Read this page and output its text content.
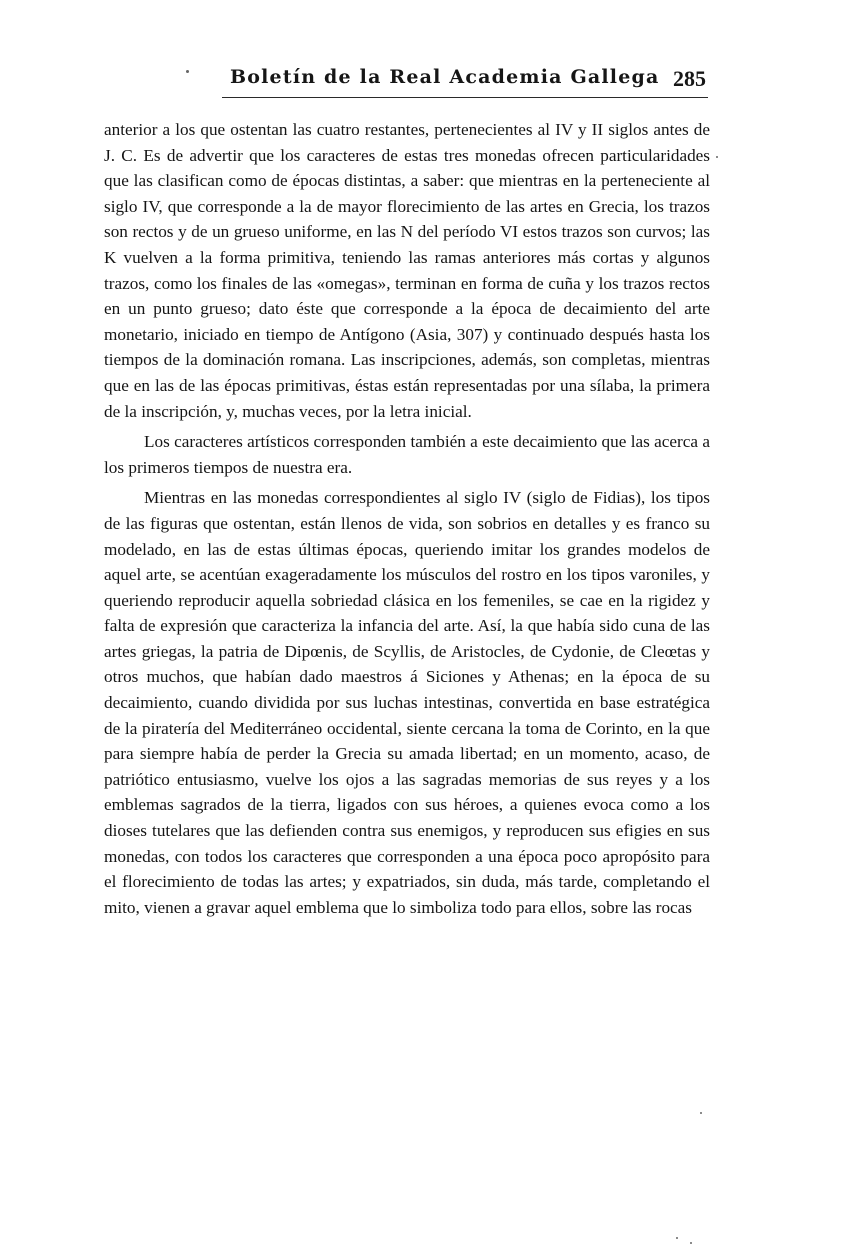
Boletín de la Real Academia Gallega 285

anterior a los que ostentan las cuatro restantes, pertenecientes al IV y II siglos antes de J. C. Es de advertir que los caracteres de estas tres monedas ofrecen particularidades que las clasifican como de épocas distintas, a saber: que mientras en la perteneciente al siglo IV, que corresponde a la de mayor florecimiento de las artes en Grecia, los trazos son rectos y de un grueso uniforme, en las N del período VI estos trazos son curvos; las K vuelven a la forma primitiva, teniendo las ramas anteriores más cortas y algunos trazos, como los finales de las «omegas», terminan en forma de cuña y los trazos rectos en un punto grueso; dato éste que corresponde a la época de decaimiento del arte monetario, iniciado en tiempo de Antígono (Asia, 307) y continuado después hasta los tiempos de la dominación romana. Las inscripciones, además, son completas, mientras que en las de las épocas primitivas, éstas están representadas por una sílaba, la primera de la inscripción, y, muchas veces, por la letra inicial.

Los caracteres artísticos corresponden también a este decaimiento que las acerca a los primeros tiempos de nuestra era.

Mientras en las monedas correspondientes al siglo IV (siglo de Fidias), los tipos de las figuras que ostentan, están llenos de vida, son sobrios en detalles y es franco su modelado, en las de estas últimas épocas, queriendo imitar los grandes modelos de aquel arte, se acentúan exageradamente los músculos del rostro en los tipos varoniles, y queriendo reproducir aquella sobriedad clásica en los femeniles, se cae en la rigidez y falta de expresión que caracteriza la infancia del arte. Así, la que había sido cuna de las artes griegas, la patria de Dipœnis, de Scyllis, de Aristocles, de Cydonie, de Cleœtas y otros muchos, que habían dado maestros á Siciones y Athenas; en la época de su decaimiento, cuando dividida por sus luchas intestinas, convertida en base estratégica de la piratería del Mediterráneo occidental, siente cercana la toma de Corinto, en la que para siempre había de perder la Grecia su amada libertad; en un momento, acaso, de patriótico entusiasmo, vuelve los ojos a las sagradas memorias de sus reyes y a los emblemas sagrados de la tierra, ligados con sus héroes, a quienes evoca como a los dioses tutelares que las defienden contra sus enemigos, y reproducen sus efigies en sus monedas, con todos los caracteres que corresponden a una época poco apropósito para el florecimiento de todas las artes; y expatriados, sin duda, más tarde, completando el mito, vienen a gravar aquel emblema que lo simboliza todo para ellos, sobre las rocas
